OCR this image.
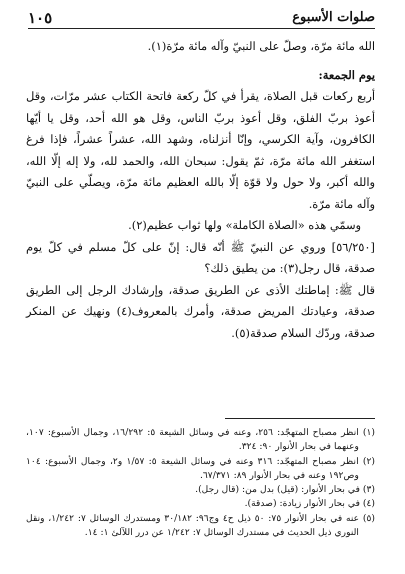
صلوات الأسبوع
١٠٥

الله مائة مرّة، وصلّ على النبيّ وآله مائة مرّة(١).

يوم الجمعة:

أربع ركعات قبل الصلاة، يقرأ في كلّ ركعة فاتحة الكتاب عشر مرّات، وقل أعوذ بربّ الفلق، وقل أعوذ بربّ الناس، وقل هو الله أحد، وقل يا أيّها الكافرون، وآية الكرسي، وإنّا أنزلناه، وشهد الله، عشراً عشراً، فإذا فرغ استغفر الله مائة مرّة، ثمّ يقول: سبحان الله، والحمد لله، ولا إله إلّا الله، والله أكبر، ولا حول ولا قوّة إلّا بالله العظيم مائة مرّة، ويصلّي على النبيّ وآله مائة مرّة.

وسمّي هذه «الصلاة الكاملة» ولها ثواب عظيم(٢).

[٥٦/٢٥٠] وروي عن النبيّ ﷺ أنّه قال: إنّ على كلّ مسلم في كلّ يوم صدقة، قال رجل(٣): من يطيق ذلك؟

قال ﷺ: إماطتك الأذى عن الطريق صدقة، وإرشادك الرجل إلى الطريق صدقة، وعيادتك المريض صدقة، وأمرك بالمعروف(٤) ونهيك عن المنكر صدقة، وردّك السلام صدقة(٥).

(١) انظر مصباح المتهجّد: ٢٥٦، وعنه في وسائل الشيعة ٥: ١٦/٢٩٢، وجمال الأسبوع: ١٠٧، وعنهما في بحار الأنوار ٩٠: ٣٢٤.

(٢) انظر مصباح المتهجّد: ٣١٦ وعنه في وسائل الشيعة ٥: ١/٥٧ و٢، وجمال الأسبوع: ١٠٤ وص١٩٢ وعنه في بحار الأنوار ٨٩: ٦٧/٣٧١.

(٣) في بحار الأنوار: (قيل) بدل من: (قال رجل).

(٤) في بحار الأنوار زيادة: (صدقة).

(٥) عنه في بحار الأنوار ٧٥: ٥٠ ذيل ح٤ وج٩٦: ٣٠/١٨٢ ومستدرك الوسائل ٧: ١/٢٤٢، ونقل النوري ذيل الحديث في مستدرك الوسائل ٧: ١/٢٤٢ عن درر اللآلئ ١: ١٤.
